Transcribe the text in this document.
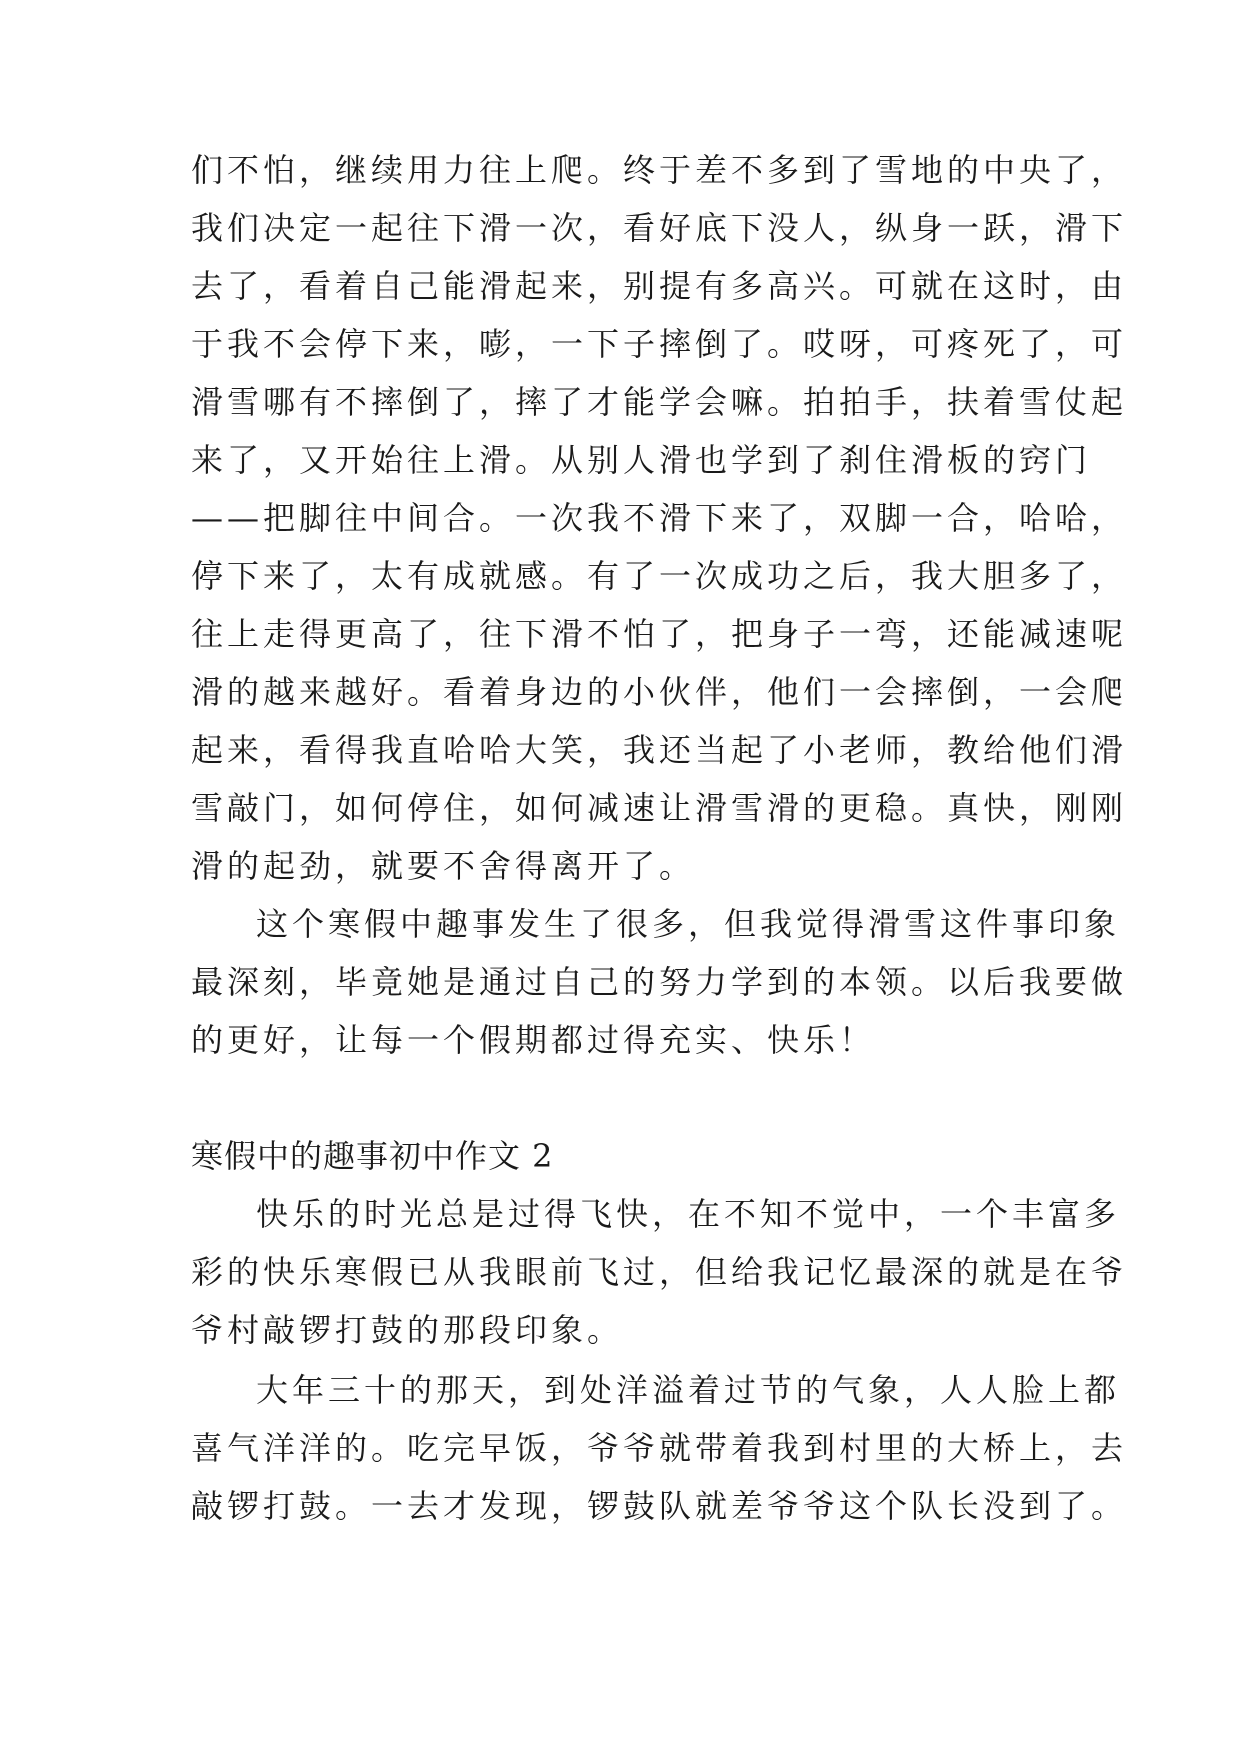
们不怕，继续用力往上爬。终于差不多到了雪地的中央了，
我们决定一起往下滑一次，看好底下没人，纵身一跃，滑下
去了，看着自己能滑起来，别提有多高兴。可就在这时，由
于我不会停下来，嘭，一下子摔倒了。哎呀，可疼死了，可
滑雪哪有不摔倒了，摔了才能学会嘛。拍拍手，扶着雪仗起
来了，又开始往上滑。从别人滑也学到了刹住滑板的窍门
——把脚往中间合。一次我不滑下来了，双脚一合，哈哈，
停下来了，太有成就感。有了一次成功之后，我大胆多了，
往上走得更高了，往下滑不怕了，把身子一弯，还能减速呢
滑的越来越好。看着身边的小伙伴，他们一会摔倒，一会爬
起来，看得我直哈哈大笑，我还当起了小老师，教给他们滑
雪敲门，如何停住，如何减速让滑雪滑的更稳。真快，刚刚
滑的起劲，就要不舍得离开了。
这个寒假中趣事发生了很多，但我觉得滑雪这件事印象
最深刻，毕竟她是通过自己的努力学到的本领。以后我要做
的更好，让每一个假期都过得充实、快乐！
寒假中的趣事初中作文 2
快乐的时光总是过得飞快，在不知不觉中，一个丰富多
彩的快乐寒假已从我眼前飞过，但给我记忆最深的就是在爷
爷村敲锣打鼓的那段印象。
大年三十的那天，到处洋溢着过节的气象，人人脸上都
喜气洋洋的。吃完早饭，爷爷就带着我到村里的大桥上，去
敲锣打鼓。一去才发现，锣鼓队就差爷爷这个队长没到了。
